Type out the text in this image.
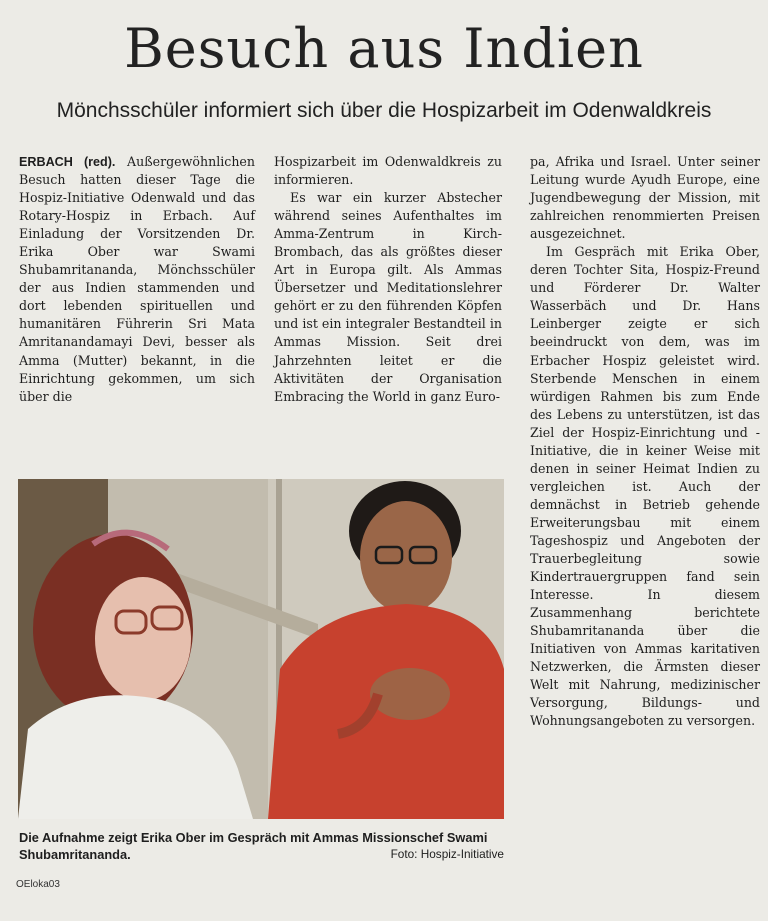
Besuch aus Indien
Mönchsschüler informiert sich über die Hospizarbeit im Odenwaldkreis

ERBACH (red). Außergewöhnlichen Besuch hatten dieser Tage die Hospiz-Initiative Odenwald und das Rotary-Hospiz in Erbach. Auf Einladung der Vorsitzenden Dr. Erika Ober war Swami Shubamritananda, Mönchsschüler der aus Indien stammenden und dort lebenden spirituellen und humanitären Führerin Sri Mata Amritanandamayi Devi, besser als Amma (Mutter) bekannt, in die Einrichtung gekommen, um sich über die

Hospizarbeit im Odenwaldkreis zu informieren.

Es war ein kurzer Abstecher während seines Aufenthaltes im Amma-Zentrum in Kirch-Brombach, das als größtes dieser Art in Europa gilt. Als Ammas Übersetzer und Meditationslehrer gehört er zu den führenden Köpfen und ist ein integraler Bestandteil in Ammas Mission. Seit drei Jahrzehnten leitet er die Aktivitäten der Organisation Embracing the World in ganz Euro-

pa, Afrika und Israel. Unter seiner Leitung wurde Ayudh Europe, eine Jugendbewegung der Mission, mit zahlreichen renommierten Preisen ausgezeichnet.

Im Gespräch mit Erika Ober, deren Tochter Sita, Hospiz-Freund und Förderer Dr. Walter Wasserbäch und Dr. Hans Leinberger zeigte er sich beeindruckt von dem, was im Erbacher Hospiz geleistet wird. Sterbende Menschen in einem würdigen Rahmen bis zum Ende des Lebens zu unterstützen, ist das Ziel der Hospiz-Einrichtung und -Initiative, die in keiner Weise mit denen in seiner Heimat Indien zu vergleichen ist. Auch der demnächst in Betrieb gehende Erweiterungsbau mit einem Tageshospiz und Angeboten der Trauerbegleitung sowie Kindertrauergruppen fand sein Interesse. In diesem Zusammenhang berichtete Shubamritananda über die Initiativen von Ammas karitativen Netzwerken, die Ärmsten dieser Welt mit Nahrung, medizinischer Versorgung, Bildungs- und Wohnungsangeboten zu versorgen.

Die Aufnahme zeigt Erika Ober im Gespräch mit Ammas Missionschef Swami Shubamritananda.	Foto: Hospiz-Initiative
OEloka03
